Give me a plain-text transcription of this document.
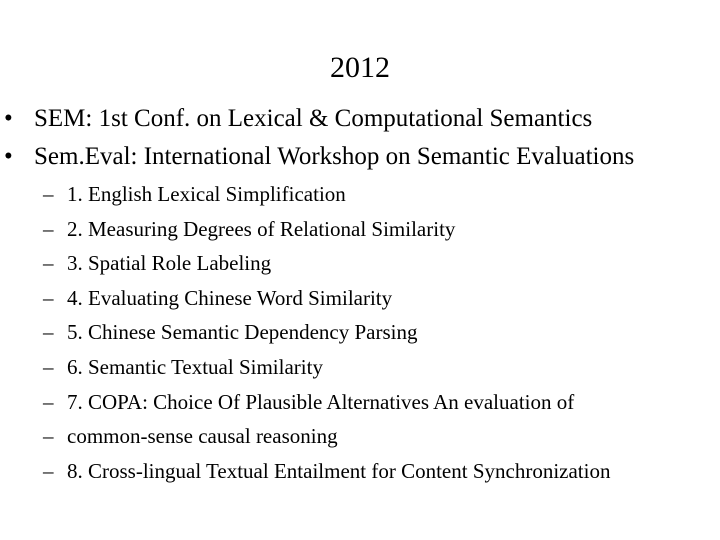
2012
• SEM: 1st Conf. on Lexical & Computational Semantics
• Sem.Eval: International Workshop on Semantic Evaluations
– 1. English Lexical Simplification
– 2. Measuring Degrees of Relational Similarity
– 3. Spatial Role Labeling
– 4. Evaluating Chinese Word Similarity
– 5. Chinese Semantic Dependency Parsing
– 6. Semantic Textual Similarity
– 7. COPA: Choice Of Plausible Alternatives An evaluation of
– common-sense causal reasoning
– 8. Cross-lingual Textual Entailment for Content Synchronization
